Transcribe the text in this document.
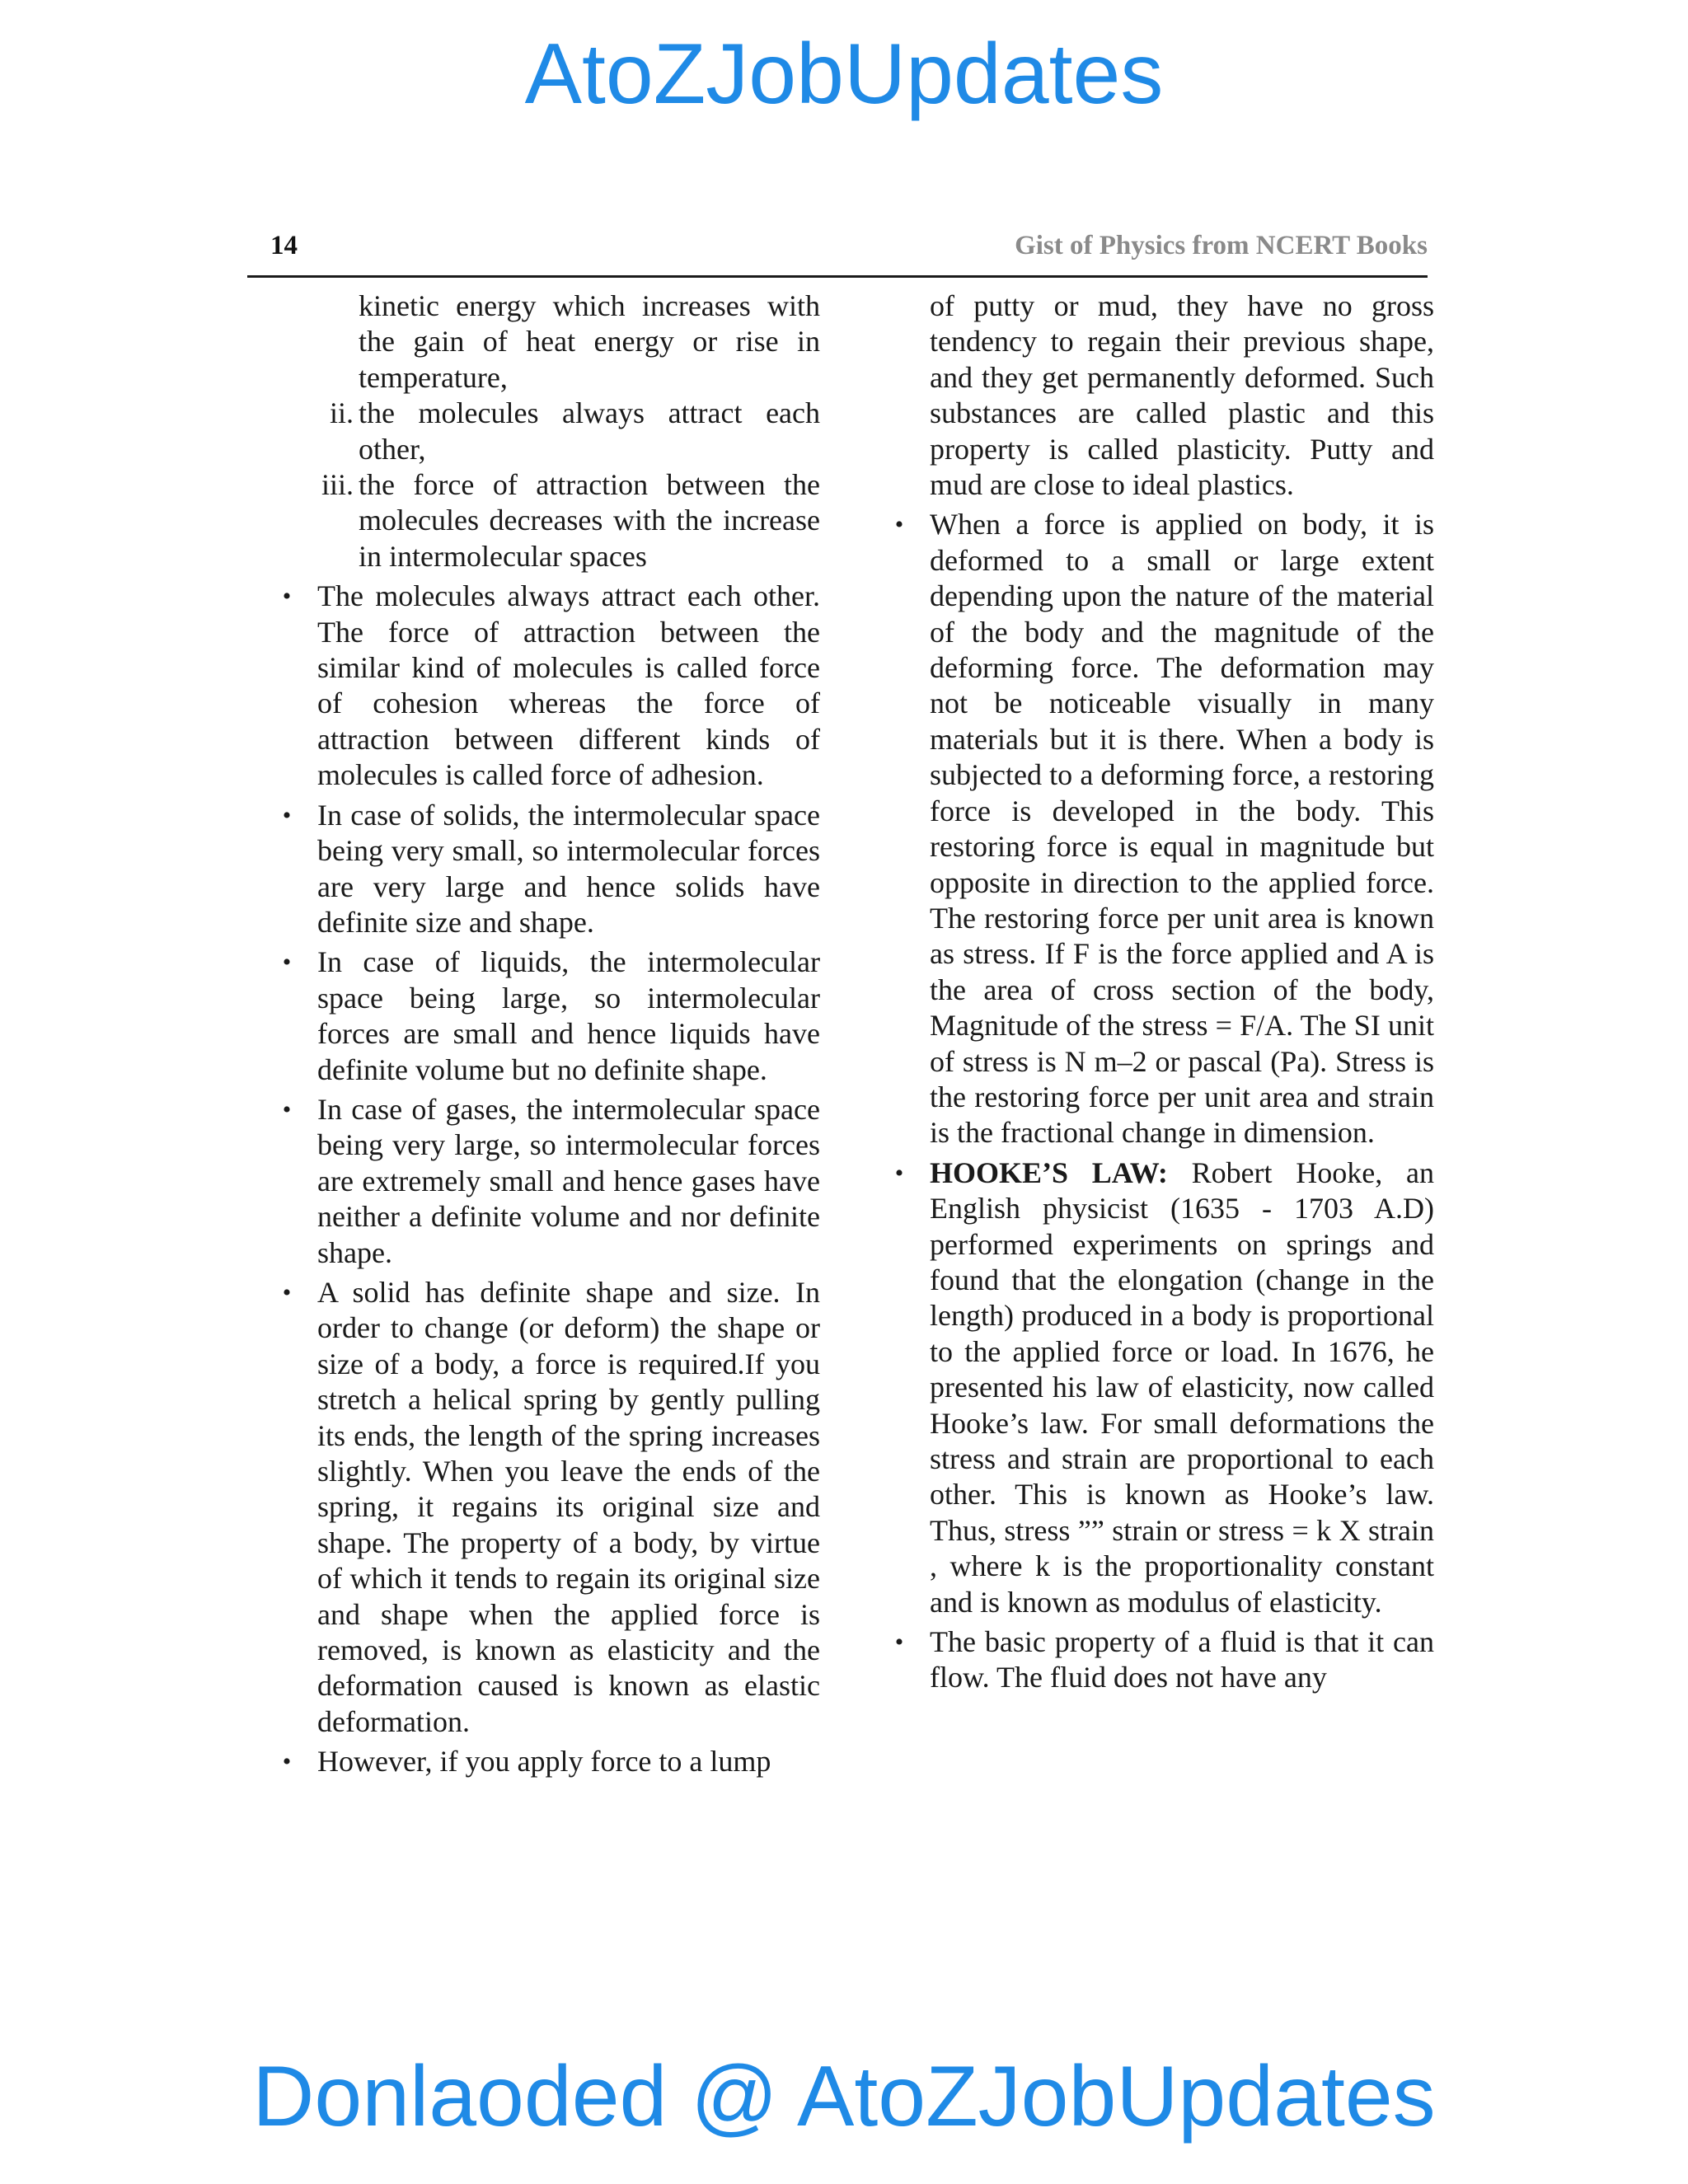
AtoZJobUpdates
14	Gist of Physics from NCERT Books

kinetic energy which increases with the gain of heat energy or rise in temperature,

ii. the molecules always attract each other,
iii. the force of attraction between the molecules decreases with the increase in intermolecular spaces
• The molecules always attract each other. The force of attraction between the similar kind of molecules is called force of cohesion whereas the force of attraction between different kinds of molecules is called force of adhesion.
• In case of solids, the intermolecular space being very small, so intermolecular forces are very large and hence solids have definite size and shape.
• In case of liquids, the intermolecular space being large, so intermolecular forces are small and hence liquids have definite volume but no definite shape.
• In case of gases, the intermolecular space being very large, so intermolecular forces are extremely small and hence gases have neither a definite volume and nor definite shape.
• A solid has definite shape and size. In order to change (or deform) the shape or size of a body, a force is required.If you stretch a helical spring by gently pulling its ends, the length of the spring increases slightly. When you leave the ends of the spring, it regains its original size and shape. The property of a body, by virtue of which it tends to regain its original size and shape when the applied force is removed, is known as elasticity and the deformation caused is known as elastic deformation.
• However, if you apply force to a lump

of putty or mud, they have no gross tendency to regain their previous shape, and they get permanently deformed. Such substances are called plastic and this property is called plasticity. Putty and mud are close to ideal plastics.

• When a force is applied on body, it is deformed to a small or large extent depending upon the nature of the material of the body and the magnitude of the deforming force. The deformation may not be noticeable visually in many materials but it is there. When a body is subjected to a deforming force, a restoring force is developed in the body. This restoring force is equal in magnitude but opposite in direction to the applied force. The restoring force per unit area is known as stress. If F is the force applied and A is the area of cross section of the body, Magnitude of the stress = F/A. The SI unit of stress is N m–2 or pascal (Pa). Stress is the restoring force per unit area and strain is the fractional change in dimension.
• HOOKE’S LAW: Robert Hooke, an English physicist (1635 - 1703 A.D) performed experiments on springs and found that the elongation (change in the length) produced in a body is proportional to the applied force or load. In 1676, he presented his law of elasticity, now called Hooke’s law. For small deformations the stress and strain are proportional to each other. This is known as Hooke’s law. Thus, stress ”” strain or stress = k X strain , where k is the proportionality constant and is known as modulus of elasticity.
• The basic property of a fluid is that it can flow. The fluid does not have any
Donlaoded @ AtoZJobUpdates
